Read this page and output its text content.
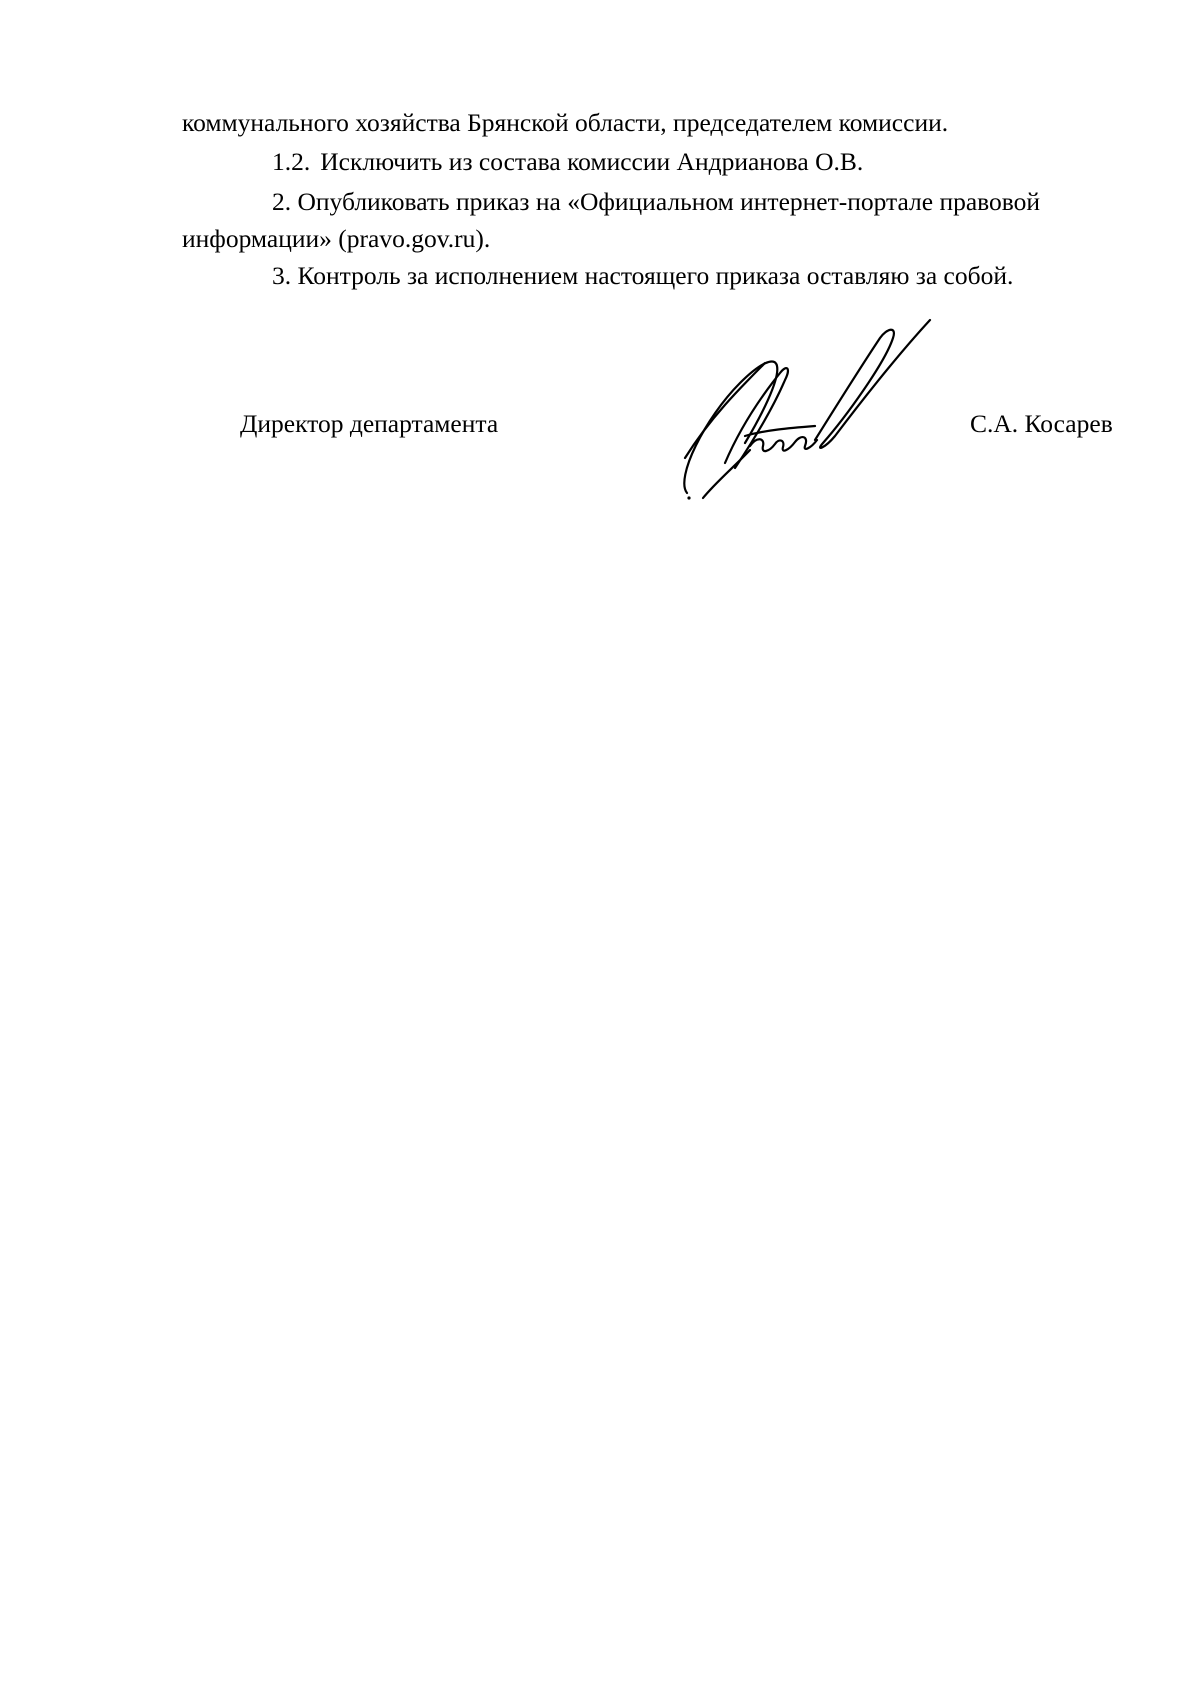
коммунального хозяйства Брянской области, председателем комиссии.

1.2. Исключить из состава комиссии Андрианова О.В.

2. Опубликовать приказ на «Официальном интернет-портале правовой

информации» (pravo.gov.ru).

3. Контроль за исполнением настоящего приказа оставляю за собой.

Директор департамента	С.А. Косарев
